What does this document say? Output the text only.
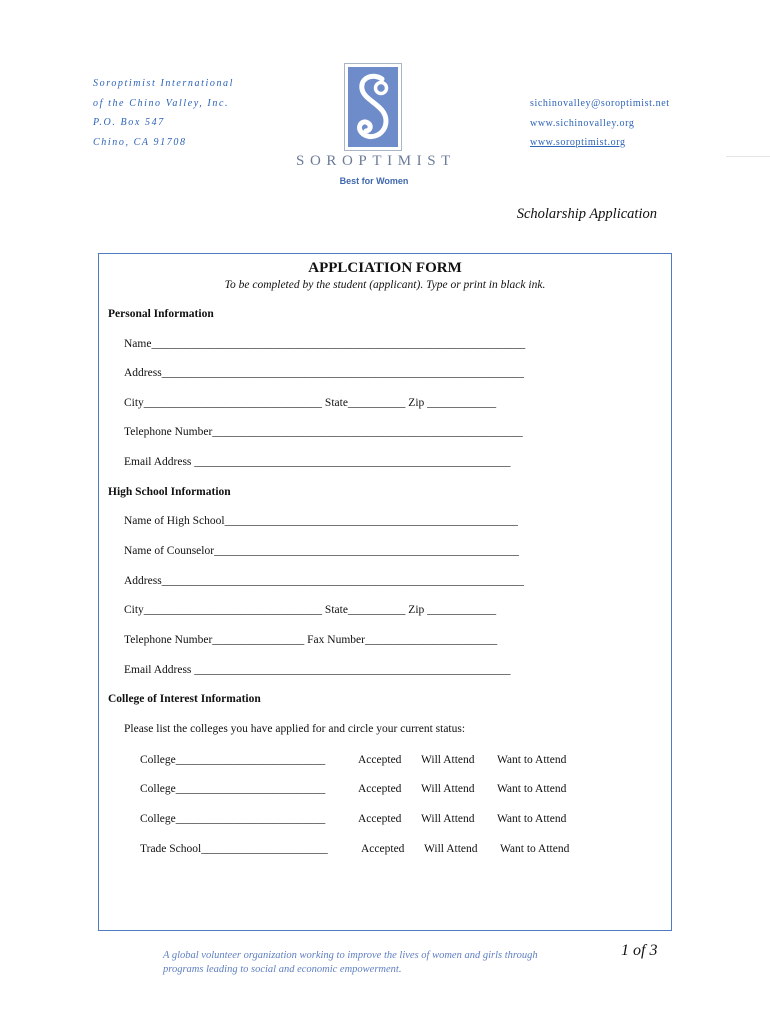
Soroptimist International
of the Chino Valley, Inc.
P.O. Box 547
Chino, CA 91708
SOROPTIMIST
Best for Women
sichinovalley@soroptimist.net
www.sichinovalley.org
www.soroptimist.org
Scholarship Application
APPLCIATION FORM
To be completed by the student (applicant). Type or print in black ink.
Personal Information
Name_________________________________________________________________
Address_______________________________________________________________
City_______________________________ State__________ Zip ____________
Telephone Number______________________________________________________
Email Address _______________________________________________________
High School Information
Name of High School___________________________________________________
Name of Counselor_____________________________________________________
Address_______________________________________________________________
City_______________________________ State__________ Zip ____________
Telephone Number________________ Fax Number_______________________
Email Address _______________________________________________________
College of Interest Information
Please list the colleges you have applied for and circle your current status:
College__________________________	Accepted Will Attend Want to Attend
College__________________________	Accepted Will Attend Want to Attend
College__________________________	Accepted Will Attend Want to Attend
Trade School______________________	Accepted Will Attend Want to Attend
A global volunteer organization working to improve the lives of women and girls through
programs leading to social and economic empowerment.
1 of 3
